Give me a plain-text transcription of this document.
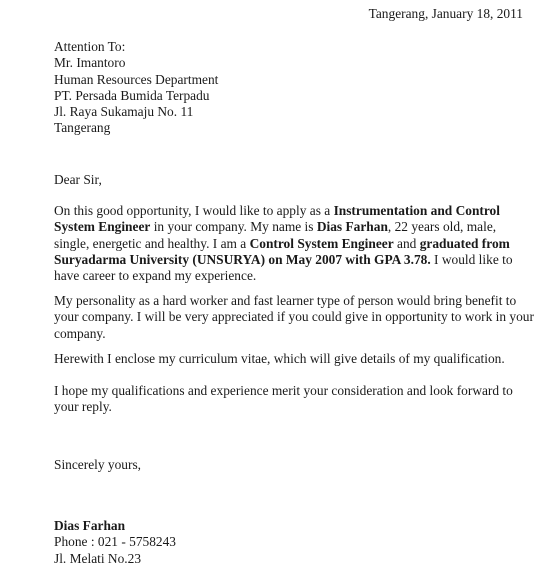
Tangerang, January 18, 2011
Attention To:
Mr. Imantoro
Human Resources Department
PT. Persada Bumida Terpadu
Jl. Raya Sukamaju No. 11
Tangerang
Dear Sir,

On this good opportunity, I would like to apply as a Instrumentation and Control System Engineer in your company. My name is Dias Farhan, 22 years old, male, single, energetic and healthy. I am a Control System Engineer and graduated from Suryadarma University (UNSURYA) on May 2007 with GPA 3.78. I would like to have career to expand my experience.

My personality as a hard worker and fast learner type of person would bring benefit to your company. I will be very appreciated if you could give in opportunity to work in your company.

Herewith I enclose my curriculum vitae, which will give details of my qualification.

I hope my qualifications and experience merit your consideration and look forward to your reply.

Sincerely yours,
Dias Farhan
Phone : 021 - 5758243
Jl. Melati No.23
